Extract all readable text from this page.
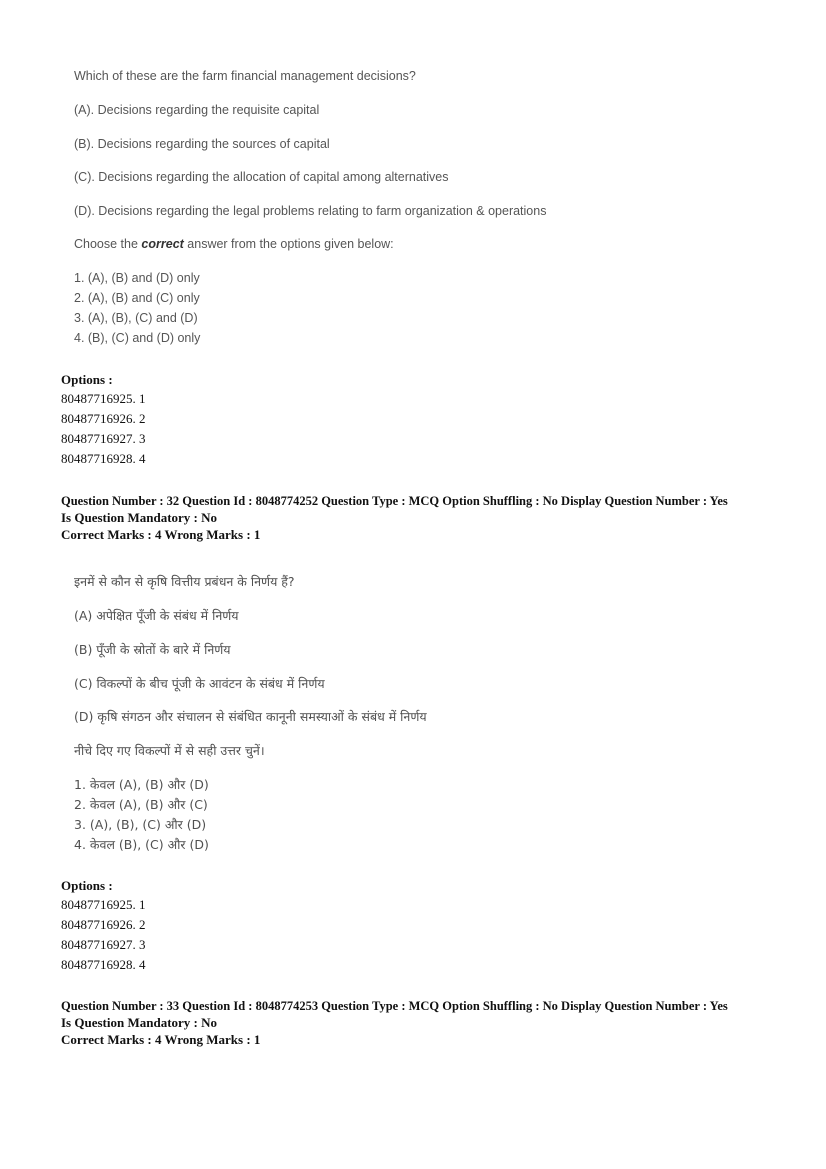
Which of these are the farm financial management decisions?
(A). Decisions regarding the requisite capital
(B). Decisions regarding the sources of capital
(C). Decisions regarding the allocation of capital among alternatives
(D). Decisions regarding the legal problems relating to farm organization & operations
Choose the correct answer from the options given below:
1. (A), (B) and (D) only
2. (A), (B) and (C) only
3. (A), (B), (C) and (D)
4. (B), (C) and (D) only
Options :
80487716925. 1
80487716926. 2
80487716927. 3
80487716928. 4
Question Number : 32 Question Id : 8048774252 Question Type : MCQ Option Shuffling : No Display Question Number : Yes
Is Question Mandatory : No
Correct Marks : 4 Wrong Marks : 1
इनमें से कौन से कृषि वित्तीय प्रबंधन के निर्णय हैं?
(A) अपेक्षित पूँजी के संबंध में निर्णय
(B) पूँजी के स्रोतों के बारे में निर्णय
(C) विकल्पों के बीच पूंजी के आवंटन के संबंध में निर्णय
(D) कृषि संगठन और संचालन से संबंधित कानूनी समस्याओं के संबंध में निर्णय
नीचे दिए गए विकल्पों में से सही उत्तर चुनें।
1. केवल (A), (B) और (D)
2. केवल (A), (B) और (C)
3. (A), (B), (C) और (D)
4. केवल (B), (C) और (D)
Options :
80487716925. 1
80487716926. 2
80487716927. 3
80487716928. 4
Question Number : 33 Question Id : 8048774253 Question Type : MCQ Option Shuffling : No Display Question Number : Yes
Is Question Mandatory : No
Correct Marks : 4 Wrong Marks : 1
